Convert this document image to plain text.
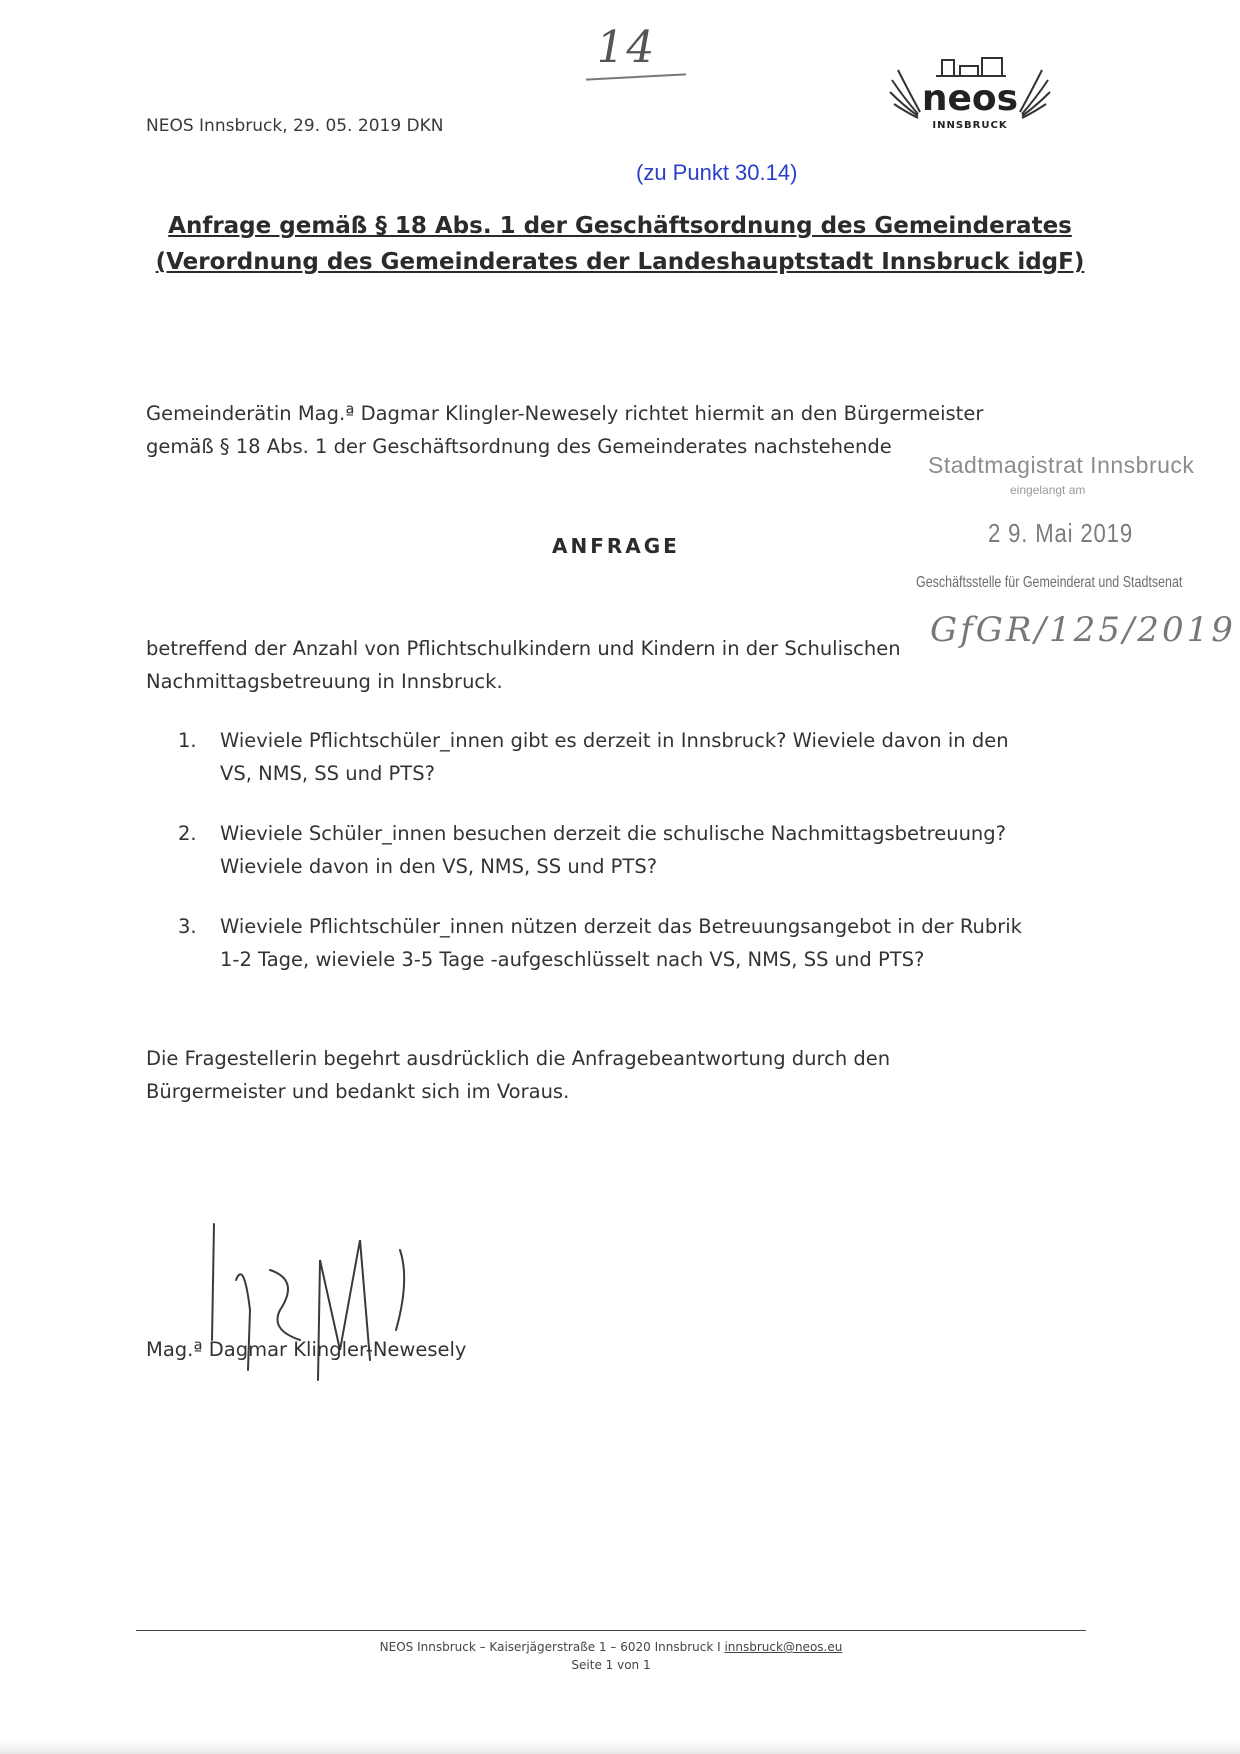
14
NEOS Innsbruck, 29. 05. 2019 DKN
neos
INNSBRUCK
(zu Punkt 30.14)
Anfrage gemäß § 18 Abs. 1 der Geschäftsordnung des Gemeinderates
(Verordnung des Gemeinderates der Landeshauptstadt Innsbruck idgF)
Gemeinderätin Mag.ª Dagmar Klingler-Newesely richtet hiermit an den Bürgermeister
gemäß § 18 Abs. 1 der Geschäftsordnung des Gemeinderates nachstehende
Stadtmagistrat Innsbruck
eingelangt am
2 9. Mai 2019
Geschäftsstelle für Gemeinderat und Stadtsenat
GfGR/125/2019
ANFRAGE
betreffend der Anzahl von Pflichtschulkindern und Kindern in der Schulischen
Nachmittagsbetreuung in Innsbruck.
1.	Wieviele Pflichtschüler_innen gibt es derzeit in Innsbruck? Wieviele davon in den
VS, NMS, SS und PTS?
2.	Wieviele Schüler_innen besuchen derzeit die schulische Nachmittagsbetreuung?
Wieviele davon in den VS, NMS, SS und PTS?
3.	Wieviele Pflichtschüler_innen nützen derzeit das Betreuungsangebot in der Rubrik
1-2 Tage, wieviele 3-5 Tage -aufgeschlüsselt nach VS, NMS, SS und PTS?
Die Fragestellerin begehrt ausdrücklich die Anfragebeantwortung durch den
Bürgermeister und bedankt sich im Voraus.
Mag.ª Dagmar Klingler-Newesely
NEOS Innsbruck – Kaiserjägerstraße 1 – 6020 Innsbruck I innsbruck@neos.eu
Seite 1 von 1
